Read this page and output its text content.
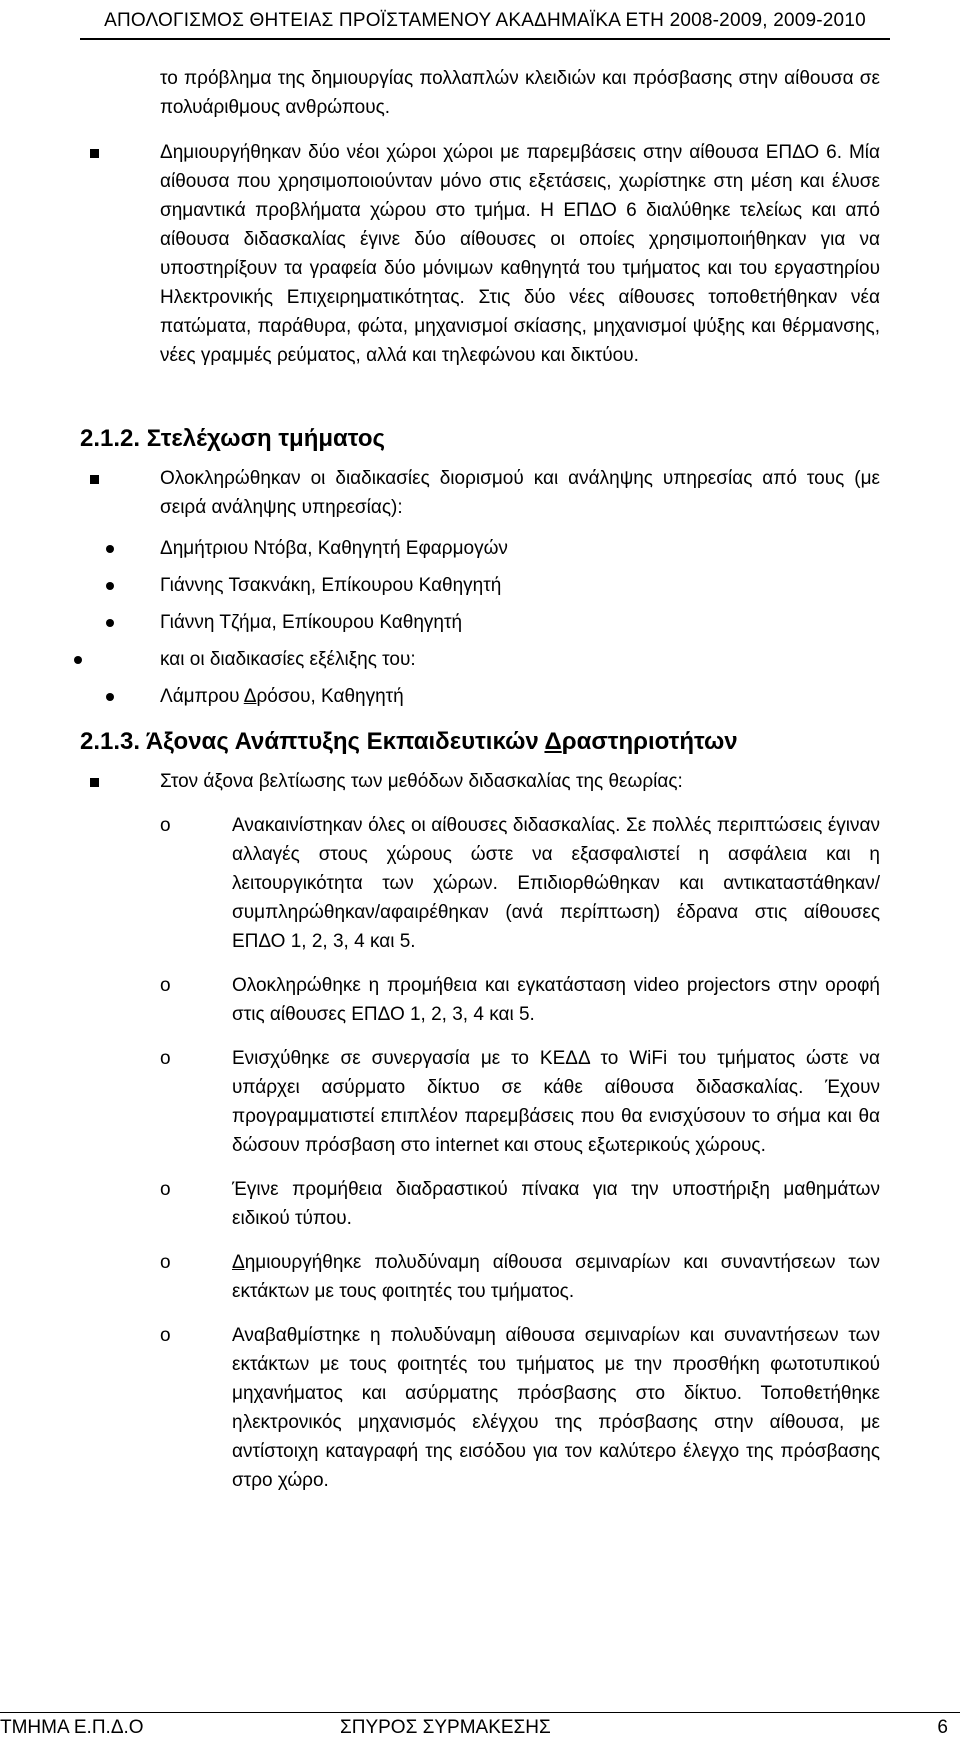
ΑΠΟΛΟΓΙΣΜΟΣ ΘΗΤΕΙΑΣ ΠΡΟΪΣΤΑΜΕΝΟΥ ΑΚΑΔΗΜΑΪΚΑ ΕΤΗ 2008-2009, 2009-2010

το πρόβλημα της δημιουργίας πολλαπλών κλειδιών και πρόσβασης στην αίθουσα σε πολυάριθμους ανθρώπους.

Δημιουργήθηκαν δύο νέοι χώροι χώροι με παρεμβάσεις στην αίθουσα ΕΠΔΟ 6. Μία αίθουσα που χρησιμοποιούνταν μόνο στις εξετάσεις, χωρίστηκε στη μέση και έλυσε σημαντικά προβλήματα χώρου στο τμήμα. Η ΕΠΔΟ 6 διαλύθηκε τελείως και από αίθουσα διδασκαλίας έγινε δύο αίθουσες οι οποίες χρησιμοποιήθηκαν για να υποστηρίξουν τα γραφεία δύο μόνιμων καθηγητά του τμήματος και του εργαστηρίου Ηλεκτρονικής Επιχειρηματικότητας. Στις δύο νέες αίθουσες τοποθετήθηκαν νέα πατώματα, παράθυρα, φώτα, μηχανισμοί σκίασης, μηχανισμοί ψύξης και θέρμανσης, νέες γραμμές ρεύματος, αλλά και τηλεφώνου και δικτύου.
2.1.2. Στελέχωση τμήματος
Ολοκληρώθηκαν οι διαδικασίες διορισμού και ανάληψης υπηρεσίας από τους (με σειρά ανάληψης υπηρεσίας):
Δημήτριου Ντόβα, Καθηγητή Εφαρμογών
Γιάννης Τσακνάκη, Επίκουρου Καθηγητή
Γιάννη Τζήμα, Επίκουρου Καθηγητή
και οι διαδικασίες εξέλιξης του:
Λάμπρου Δρόσου, Καθηγητή
2.1.3. Άξονας Ανάπτυξης Εκπαιδευτικών Δραστηριοτήτων
Στον άξονα βελτίωσης των μεθόδων διδασκαλίας της θεωρίας:
o	Ανακαινίστηκαν όλες οι αίθουσες διδασκαλίας. Σε πολλές περιπτώσεις έγιναν αλλαγές στους χώρους ώστε να εξασφαλιστεί η ασφάλεια και η λειτουργικότητα των χώρων. Επιδιορθώθηκαν και αντικαταστάθηκαν/συμπληρώθηκαν/αφαιρέθηκαν (ανά περίπτωση) έδρανα στις αίθουσες ΕΠΔΟ 1, 2, 3, 4 και 5.
o	Ολοκληρώθηκε η προμήθεια και εγκατάσταση video projectors στην οροφή στις αίθουσες ΕΠΔΟ 1, 2, 3, 4 και 5.
o	Ενισχύθηκε σε συνεργασία με το ΚΕΔΔ το WiFi του τμήματος ώστε να υπάρχει ασύρματο δίκτυο σε κάθε αίθουσα διδασκαλίας. Έχουν προγραμματιστεί επιπλέον παρεμβάσεις που θα ενισχύσουν το σήμα και θα δώσουν πρόσβαση στο internet και στους εξωτερικούς χώρους.
o	Έγινε προμήθεια διαδραστικού πίνακα για την υποστήριξη μαθημάτων ειδικού τύπου.
o	Δημιουργήθηκε πολυδύναμη αίθουσα σεμιναρίων και συναντήσεων των εκτάκτων με τους φοιτητές του τμήματος.
o	Αναβαθμίστηκε η πολυδύναμη αίθουσα σεμιναρίων και συναντήσεων των εκτάκτων με τους φοιτητές του τμήματος με την προσθήκη φωτοτυπικού μηχανήματος και ασύρματης πρόσβασης στο δίκτυο. Τοποθετήθηκε ηλεκτρονικός μηχανισμός ελέγχου της πρόσβασης στην αίθουσα, με αντίστοιχη καταγραφή της εισόδου για τον καλύτερο έλεγχο της πρόσβασης στρο χώρο.
ΤΜΗΜΑ Ε.Π.Δ.Ο	ΣΠΥΡΟΣ ΣΥΡΜΑΚΕΣΗΣ	6
